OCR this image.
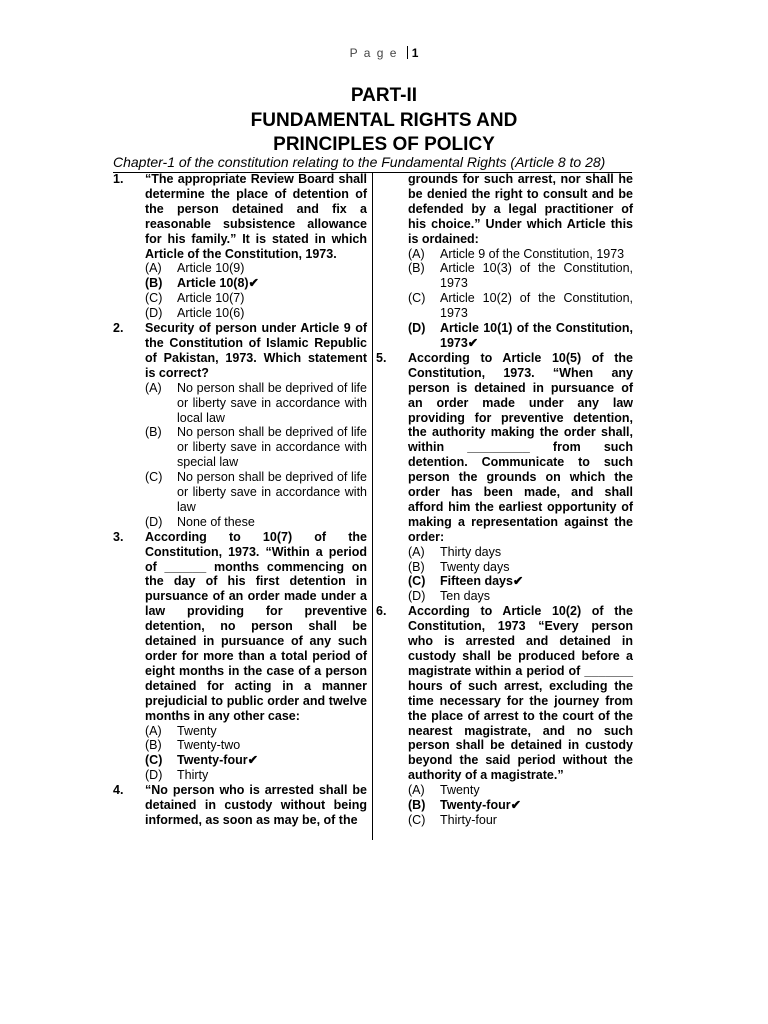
P a g e 1
PART-II
FUNDAMENTAL RIGHTS AND
PRINCIPLES OF POLICY
Chapter-1 of the constitution relating to the Fundamental Rights (Article 8 to 28)
1.	“The appropriate Review Board shall determine the place of detention of the person detained and fix a reasonable subsistence allowance for his family.” It is stated in which Article of the Constitution, 1973.
(A)	Article 10(9)
(B)	Article 10(8)✔
(C)	Article 10(7)
(D)	Article 10(6)
2.	Security of person under Article 9 of the Constitution of Islamic Republic of Pakistan, 1973. Which statement is correct?
(A)	No person shall be deprived of life or liberty save in accordance with local law
(B)	No person shall be deprived of life or liberty save in accordance with special law
(C)	No person shall be deprived of life or liberty save in accordance with law
(D)	None of these
3.	According to 10(7) of the Constitution, 1973. “Within a period of ______ months commencing on the day of his first detention in pursuance of an order made under a law providing for preventive detention, no person shall be detained in pursuance of any such order for more than a total period of eight months in the case of a person detained for acting in a manner prejudicial to public order and twelve months in any other case:
(A)	Twenty
(B)	Twenty-two
(C)	Twenty-four✔
(D)	Thirty
4.	“No person who is arrested shall be detained in custody without being informed, as soon as may be, of the
grounds for such arrest, nor shall he be denied the right to consult and be defended by a legal practitioner of his choice.” Under which Article this is ordained:
(A)	Article 9 of the Constitution, 1973
(B)	Article 10(3) of the Constitution, 1973
(C)	Article 10(2) of the Constitution, 1973
(D)	Article 10(1) of the Constitution, 1973✔
5.	According to Article 10(5) of the Constitution, 1973. “When any person is detained in pursuance of an order made under any law providing for preventive detention, the authority making the order shall, within _________ from such detention. Communicate to such person the grounds on which the order has been made, and shall afford him the earliest opportunity of making a representation against the order:
(A)	Thirty days
(B)	Twenty days
(C)	Fifteen days✔
(D)	Ten days
6.	According to Article 10(2) of the Constitution, 1973 “Every person who is arrested and detained in custody shall be produced before a magistrate within a period of _______ hours of such arrest, excluding the time necessary for the journey from the place of arrest to the court of the nearest magistrate, and no such person shall be detained in custody beyond the said period without the authority of a magistrate.”
(A)	Twenty
(B)	Twenty-four✔
(C)	Thirty-four
